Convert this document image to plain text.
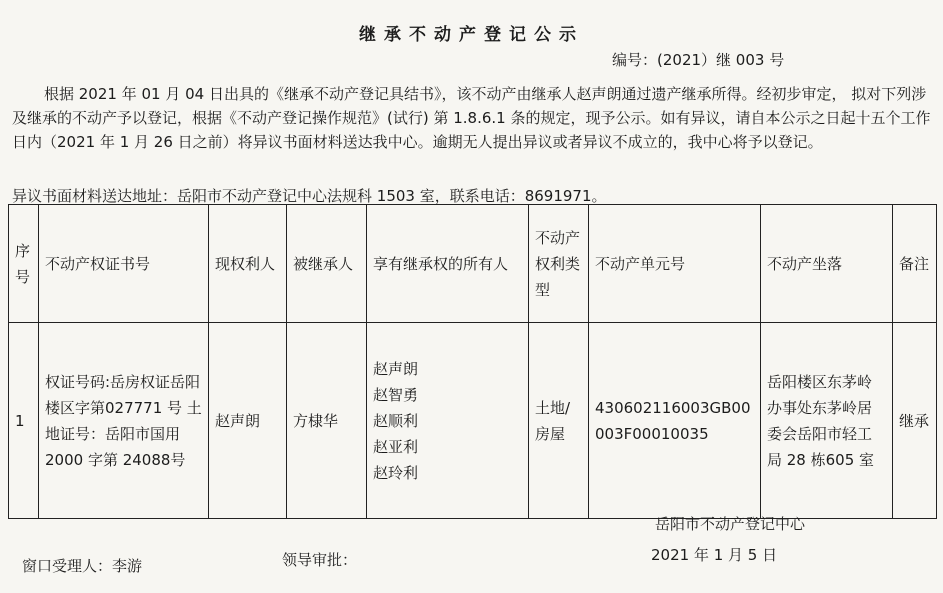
继承不动产登记公示
编号：(2021）继 003 号

根据 2021 年 01 月 04 日出具的《继承不动产登记具结书》，该不动产由继承人赵声朗通过遗产继承所得。经初步审定， 拟对下列涉及继承的不动产予以登记，根据《不动产登记操作规范》(试行) 第 1.8.6.1 条的规定，现予公示。如有异议，请自本公示之日起十五个工作日内（2021 年 1 月 26 日之前）将异议书面材料送达我中心。逾期无人提出异议或者异议不成立的，我中心将予以登记。

异议书面材料送达地址：岳阳市不动产登记中心法规科 1503 室，联系电话：8691971。
序号	不动产权证书号	现权利人	被继承人	享有继承权的所有人	不动产权利类型	不动产单元号	不动产坐落	备注
1	权证号码:岳房权证岳阳楼区字第027771 号 土地证号：岳阳市国用 2000 字第 24088号	赵声朗	方棣华	赵声朗
赵智勇
赵顺利
赵亚利
赵玲利	土地/房屋	430602116003GB00003F00010035	岳阳楼区东茅岭办事处东茅岭居委会岳阳市轻工局 28 栋605 室	继承
岳阳市不动产登记中心
2021 年 1 月 5 日
窗口受理人：李游	领导审批：
